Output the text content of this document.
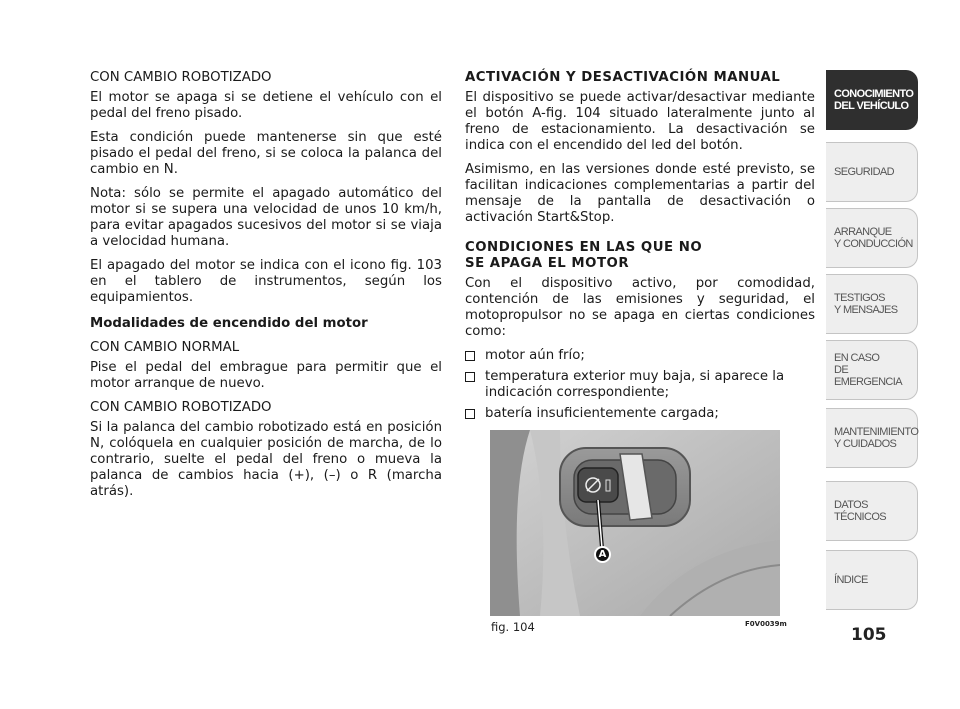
CON CAMBIO ROBOTIZADO

El motor se apaga si se detiene el vehículo con el pedal del freno pisado.

Esta condición puede mantenerse sin que esté pisado el pedal del freno, si se coloca la palanca del cambio en N.

Nota: sólo se permite el apagado automático del motor si se supera una velocidad de unos 10 km/h, para evitar apagados sucesivos del motor si se viaja a velocidad humana.

El apagado del motor se indica con el icono fig. 103 en el tablero de instrumentos, según los equipamientos.

Modalidades de encendido del motor

CON CAMBIO NORMAL

Pise el pedal del embrague para permitir que el motor arranque de nuevo.

CON CAMBIO ROBOTIZADO

Si la palanca del cambio robotizado está en posición N, colóquela en cualquier posición de marcha, de lo contrario, suelte el pedal del freno o mueva la palanca de cambios hacia (+), (–) o R (marcha atrás).

ACTIVACIÓN Y DESACTIVACIÓN MANUAL

El dispositivo se puede activar/desactivar mediante el botón A-fig. 104 situado lateralmente junto al freno de estacionamiento. La desactivación se indica con el encendido del led del botón.

Asimismo, en las versiones donde esté previsto, se facilitan indicaciones complementarias a partir del mensaje de la pantalla de desactivación o activación Start&Stop.

CONDICIONES EN LAS QUE NO
SE APAGA EL MOTOR

Con el dispositivo activo, por comodidad, contención de las emisiones y seguridad, el motopropulsor no se apaga en ciertas condiciones como:

motor aún frío;
temperatura exterior muy baja, si aparece la indicación correspondiente;
batería insuficientemente cargada;
A
fig. 104	F0V0039m
CONOCIMIENTO
DEL VEHÍCULO
SEGURIDAD
ARRANQUE
Y CONDUCCIÓN
TESTIGOS
Y MENSAJES
EN CASO
DE EMERGENCIA
MANTENIMIENTO
Y CUIDADOS
DATOS TÉCNICOS
ÍNDICE
105
